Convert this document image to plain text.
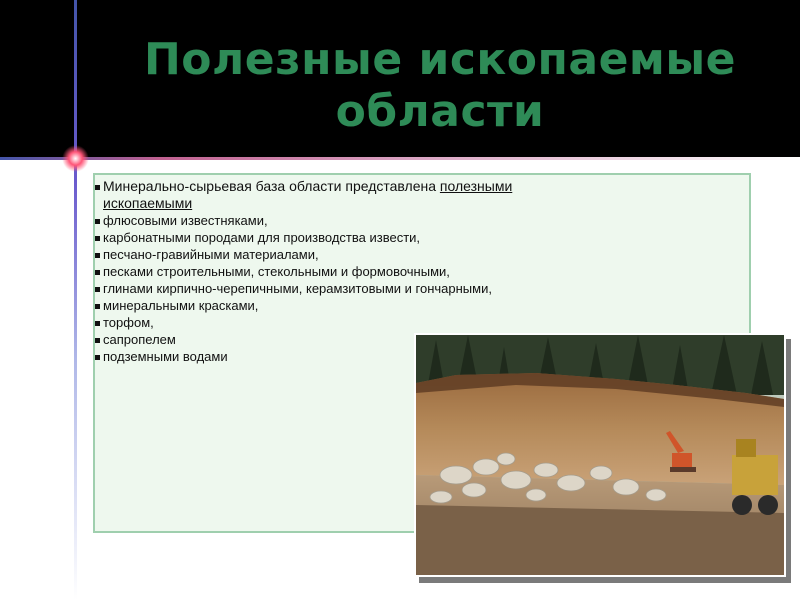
Полезные ископаемые
области
Минерально-сырьевая база области представлена полезными
ископаемыми
флюсовыми известняками,
карбонатными породами для производства извести,
песчано-гравийными материалами,
песками строительными, стекольными и формовочными,
глинами кирпично-черепичными, керамзитовыми и гончарными,
минеральными красками,
торфом,
сапропелем
подземными водами
